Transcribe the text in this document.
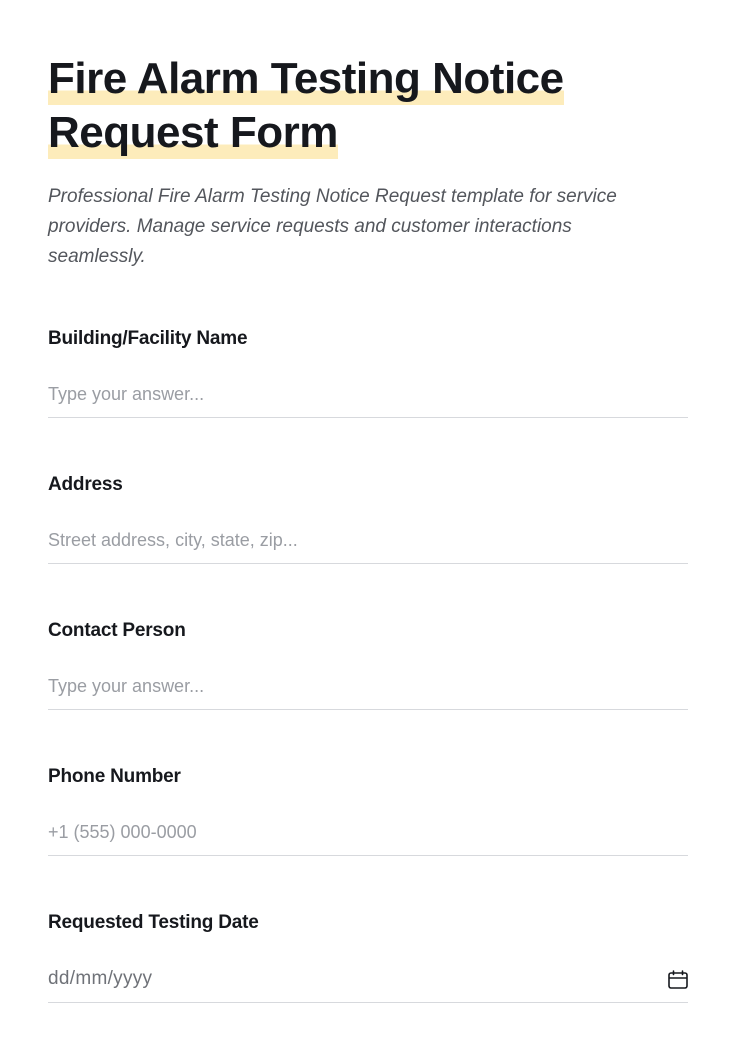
Fire Alarm Testing Notice
Request Form

Professional Fire Alarm Testing Notice Request template for service providers. Manage service requests and customer interactions seamlessly.

Building/Facility Name
Type your answer...
Address
Street address, city, state, zip...
Contact Person
Type your answer...
Phone Number
+1 (555) 000-0000
Requested Testing Date
dd/mm/yyyy
